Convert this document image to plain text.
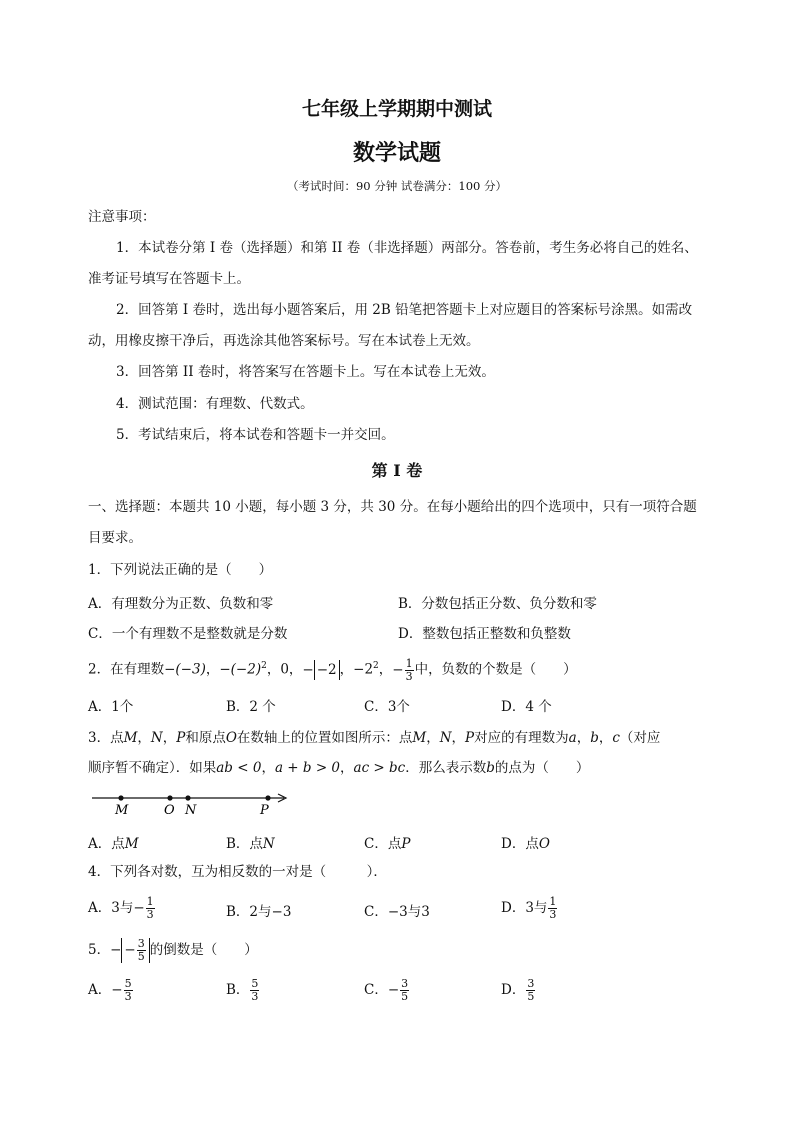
七年级上学期期中测试
数学试题
（考试时间：90 分钟 试卷满分：100 分）
注意事项：
1．本试卷分第 I 卷（选择题）和第 II 卷（非选择题）两部分。答卷前，考生务必将自己的姓名、
准考证号填写在答题卡上。
2．回答第 I 卷时，选出每小题答案后，用 2B 铅笔把答题卡上对应题目的答案标号涂黑。如需改
动，用橡皮擦干净后，再选涂其他答案标号。写在本试卷上无效。
3．回答第 II 卷时，将答案写在答题卡上。写在本试卷上无效。
4．测试范围：有理数、代数式。
5．考试结束后，将本试卷和答题卡一并交回。
第 I 卷
一、选择题：本题共 10 小题，每小题 3 分，共 30 分。在每小题给出的四个选项中，只有一项符合题
目要求。
1．下列说法正确的是（　　）
A．有理数分为正数、负数和零	B．分数包括正分数、负分数和零
C．一个有理数不是整数就是分数	D．整数包括正整数和负整数
2．在有理数−(−3)，$-(-2)^2$，0，− −2 ，$-2^2$，− $\frac{1}{3}$ 中，负数的个数是（　　）
A．1个	B．2 个	C．3个	D．4 个
3．点M，N，P和原点O在数轴上的位置如图所示：点M，N，P对应的有理数为a，b，c（对应
顺序暂不确定）．如果ab < 0，a + b > 0，ac > bc．那么表示数b的点为（　　）
M	O N	P
A．点M	B．点N	C．点P	D．点O
4．下列各对数，互为相反数的一对是（　　　）．
A．3与− $\frac{1}{3}$	B．2与−3	C．−3与3	D．3与 $\frac{1}{3}$
5．− − $\frac{3}{5}$ 的倒数是（　　）
A．− $\frac{5}{3}$	B． $\frac{5}{3}$	C．− $\frac{3}{5}$	D． $\frac{3}{5}$
